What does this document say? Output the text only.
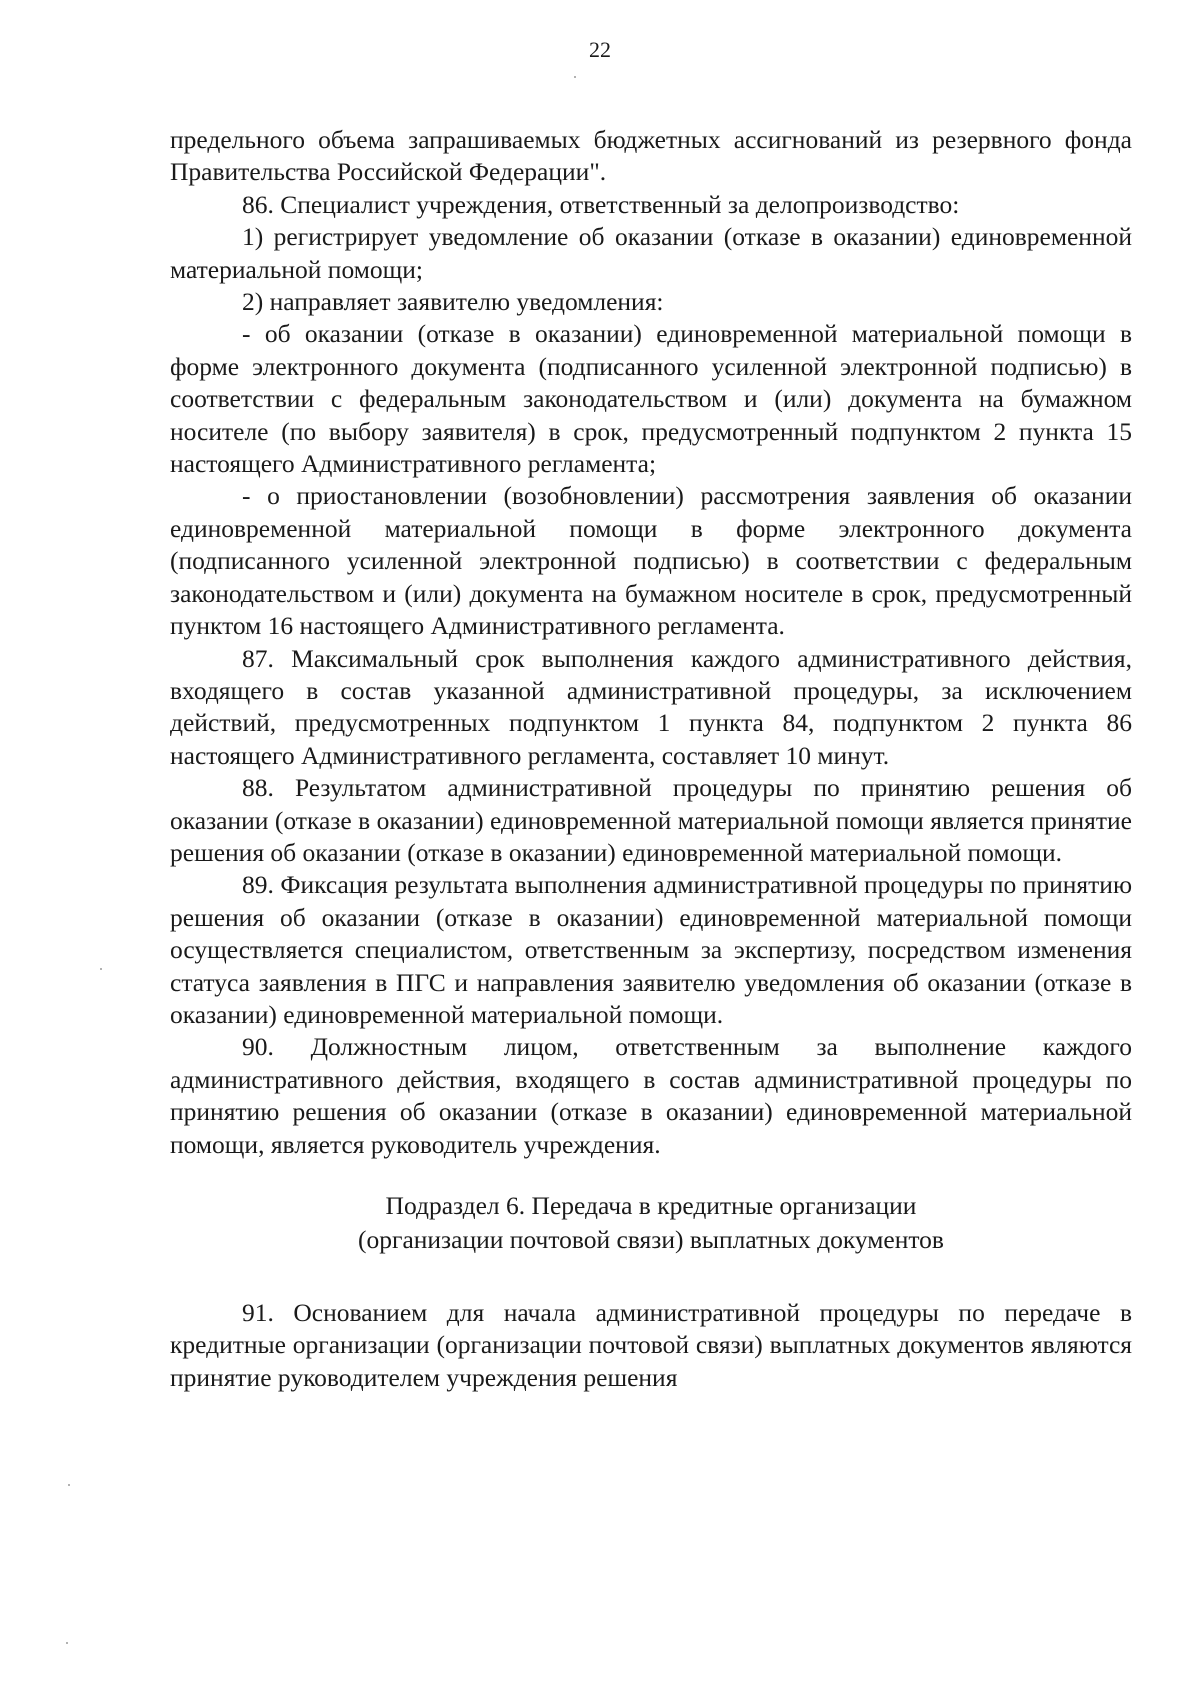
22

предельного объема запрашиваемых бюджетных ассигнований из резервного фонда Правительства Российской Федерации".

86. Специалист учреждения, ответственный за делопроизводство:

1) регистрирует уведомление об оказании (отказе в оказании) единовременной материальной помощи;

2) направляет заявителю уведомления:

- об оказании (отказе в оказании) единовременной материальной помощи в форме электронного документа (подписанного усиленной электронной подписью) в соответствии с федеральным законодательством и (или) документа на бумажном носителе (по выбору заявителя) в срок, предусмотренный подпунктом 2 пункта 15 настоящего Административного регламента;

- о приостановлении (возобновлении) рассмотрения заявления об оказании единовременной материальной помощи в форме электронного документа (подписанного усиленной электронной подписью) в соответствии с федеральным законодательством и (или) документа на бумажном носителе в срок, предусмотренный пунктом 16 настоящего Административного регламента.

87. Максимальный срок выполнения каждого административного действия, входящего в состав указанной административной процедуры, за исключением действий, предусмотренных подпунктом 1 пункта 84, подпунктом 2 пункта 86 настоящего Административного регламента, составляет 10 минут.

88. Результатом административной процедуры по принятию решения об оказании (отказе в оказании) единовременной материальной помощи является принятие решения об оказании (отказе в оказании) единовременной материальной помощи.

89. Фиксация результата выполнения административной процедуры по принятию решения об оказании (отказе в оказании) единовременной материальной помощи осуществляется специалистом, ответственным за экспертизу, посредством изменения статуса заявления в ПГС и направления заявителю уведомления об оказании (отказе в оказании) единовременной материальной помощи.

90. Должностным лицом, ответственным за выполнение каждого административного действия, входящего в состав административной процедуры по принятию решения об оказании (отказе в оказании) единовременной материальной помощи, является руководитель учреждения.

Подраздел 6. Передача в кредитные организации
(организации почтовой связи) выплатных документов

91. Основанием для начала административной процедуры по передаче в кредитные организации (организации почтовой связи) выплатных документов являются принятие руководителем учреждения решения
